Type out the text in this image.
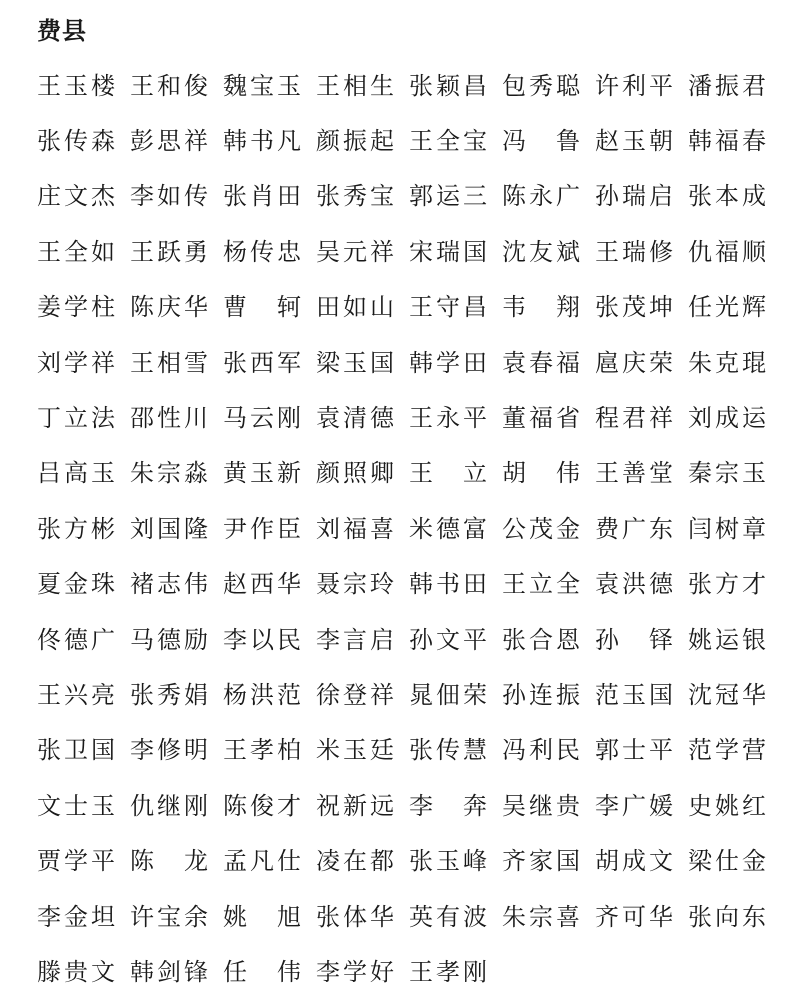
费县
王 玉 楼 王 和 俊 魏 宝 玉 王 相 生 张 颖 昌 包 秀 聪 许 利 平 潘 振 君
张 传 森 彭 思 祥 韩 书 凡 颜 振 起 王 全 宝 冯 鲁 赵 玉 朝 韩 福 春
庄 文 杰 李 如 传 张 肖 田 张 秀 宝 郭 运 三 陈 永 广 孙 瑞 启 张 本 成
王 全 如 王 跃 勇 杨 传 忠 吴 元 祥 宋 瑞 国 沈 友 斌 王 瑞 修 仇 福 顺
姜 学 柱 陈 庆 华 曹 轲 田 如 山 王 守 昌 韦 翔 张 茂 坤 任 光 辉
刘 学 祥 王 相 雪 张 西 军 梁 玉 国 韩 学 田 袁 春 福 扈 庆 荣 朱 克 琨
丁 立 法 邵 性 川 马 云 刚 袁 清 德 王 永 平 董 福 省 程 君 祥 刘 成 运
吕 高 玉 朱 宗 淼 黄 玉 新 颜 照 卿 王 立 胡 伟 王 善 堂 秦 宗 玉
张 方 彬 刘 国 隆 尹 作 臣 刘 福 喜 米 德 富 公 茂 金 费 广 东 闫 树 章
夏 金 珠 褚 志 伟 赵 西 华 聂 宗 玲 韩 书 田 王 立 全 袁 洪 德 张 方 才
佟 德 广 马 德 励 李 以 民 李 言 启 孙 文 平 张 合 恩 孙 铎 姚 运 银
王 兴 亮 张 秀 娟 杨 洪 范 徐 登 祥 晁 佃 荣 孙 连 振 范 玉 国 沈 冠 华
张 卫 国 李 修 明 王 孝 柏 米 玉 廷 张 传 慧 冯 利 民 郭 士 平 范 学 营
文 士 玉 仇 继 刚 陈 俊 才 祝 新 远 李 奔 吴 继 贵 李 广 媛 史 姚 红
贾 学 平 陈 龙 孟 凡 仕 凌 在 都 张 玉 峰 齐 家 国 胡 成 文 梁 仕 金
李 金 坦 许 宝 余 姚 旭 张 体 华 英 有 波 朱 宗 喜 齐 可 华 张 向 东
滕 贵 文 韩 剑 锋 任 伟 李 学 好 王 孝 刚
